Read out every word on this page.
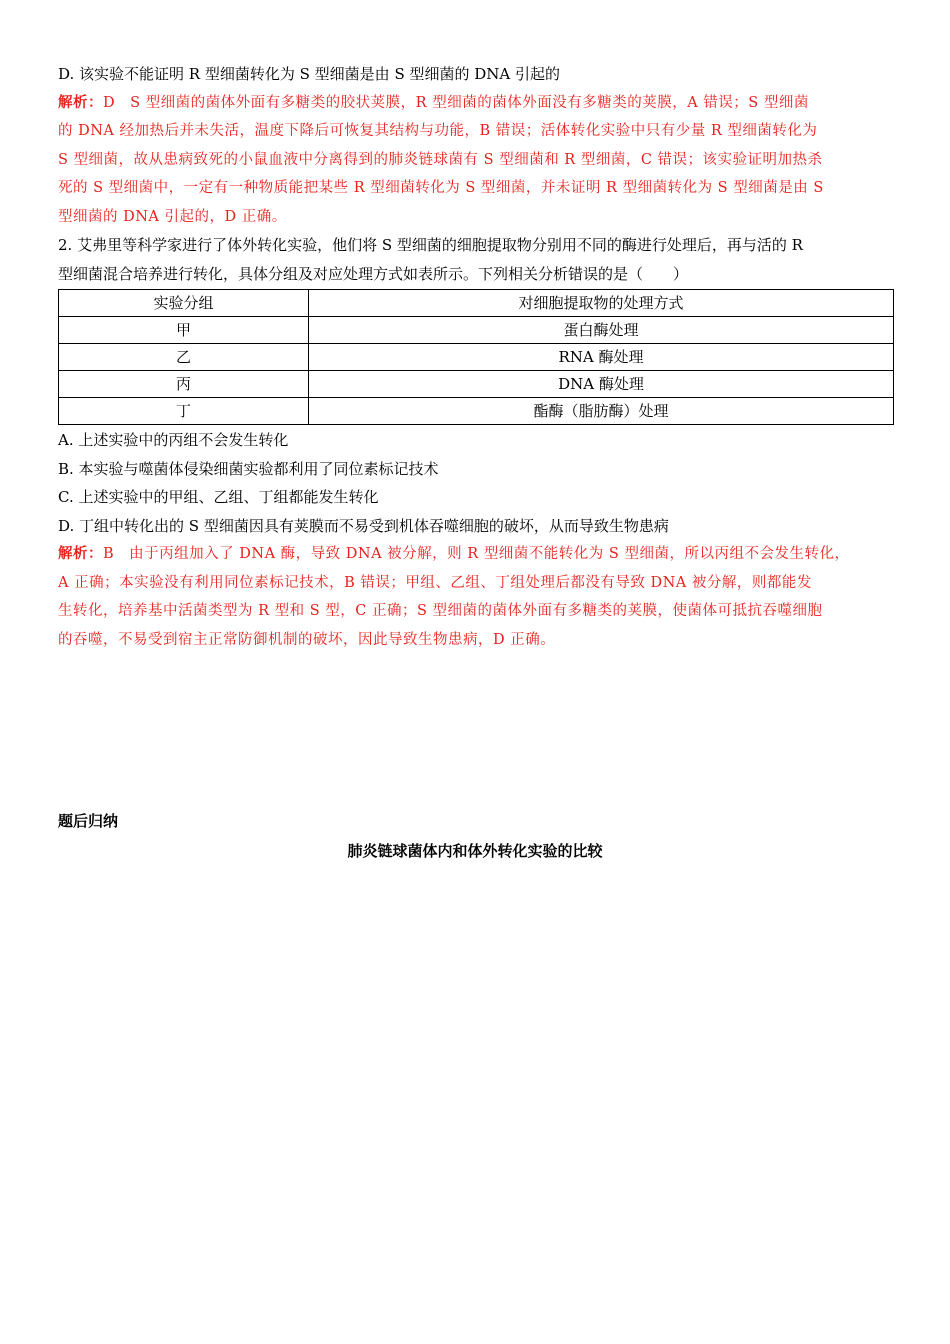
D. 该实验不能证明 R 型细菌转化为 S 型细菌是由 S 型细菌的 DNA 引起的
解析：D　S 型细菌的菌体外面有多糖类的胶状荚膜，R 型细菌的菌体外面没有多糖类的荚膜，A 错误；S 型细菌
的 DNA 经加热后并未失活，温度下降后可恢复其结构与功能，B 错误；活体转化实验中只有少量 R 型细菌转化为
S 型细菌，故从患病致死的小鼠血液中分离得到的肺炎链球菌有 S 型细菌和 R 型细菌，C 错误；该实验证明加热杀
死的 S 型细菌中，一定有一种物质能把某些 R 型细菌转化为 S 型细菌，并未证明 R 型细菌转化为 S 型细菌是由 S
型细菌的 DNA 引起的，D 正确。
2. 艾弗里等科学家进行了体外转化实验，他们将 S 型细菌的细胞提取物分别用不同的酶进行处理后，再与活的 R
型细菌混合培养进行转化，具体分组及对应处理方式如表所示。下列相关分析错误的是（　　）
实验分组	对细胞提取物的处理方式
甲	蛋白酶处理
乙	RNA 酶处理
丙	DNA 酶处理
丁	酯酶（脂肪酶）处理
A. 上述实验中的丙组不会发生转化
B. 本实验与噬菌体侵染细菌实验都利用了同位素标记技术
C. 上述实验中的甲组、乙组、丁组都能发生转化
D. 丁组中转化出的 S 型细菌因具有荚膜而不易受到机体吞噬细胞的破坏，从而导致生物患病
解析：B　由于丙组加入了 DNA 酶，导致 DNA 被分解，则 R 型细菌不能转化为 S 型细菌，所以丙组不会发生转化，
A 正确；本实验没有利用同位素标记技术，B 错误；甲组、乙组、丁组处理后都没有导致 DNA 被分解，则都能发
生转化，培养基中活菌类型为 R 型和 S 型，C 正确；S 型细菌的菌体外面有多糖类的荚膜，使菌体可抵抗吞噬细胞
的吞噬，不易受到宿主正常防御机制的破坏，因此导致生物患病，D 正确。
题后归纳
肺炎链球菌体内和体外转化实验的比较
